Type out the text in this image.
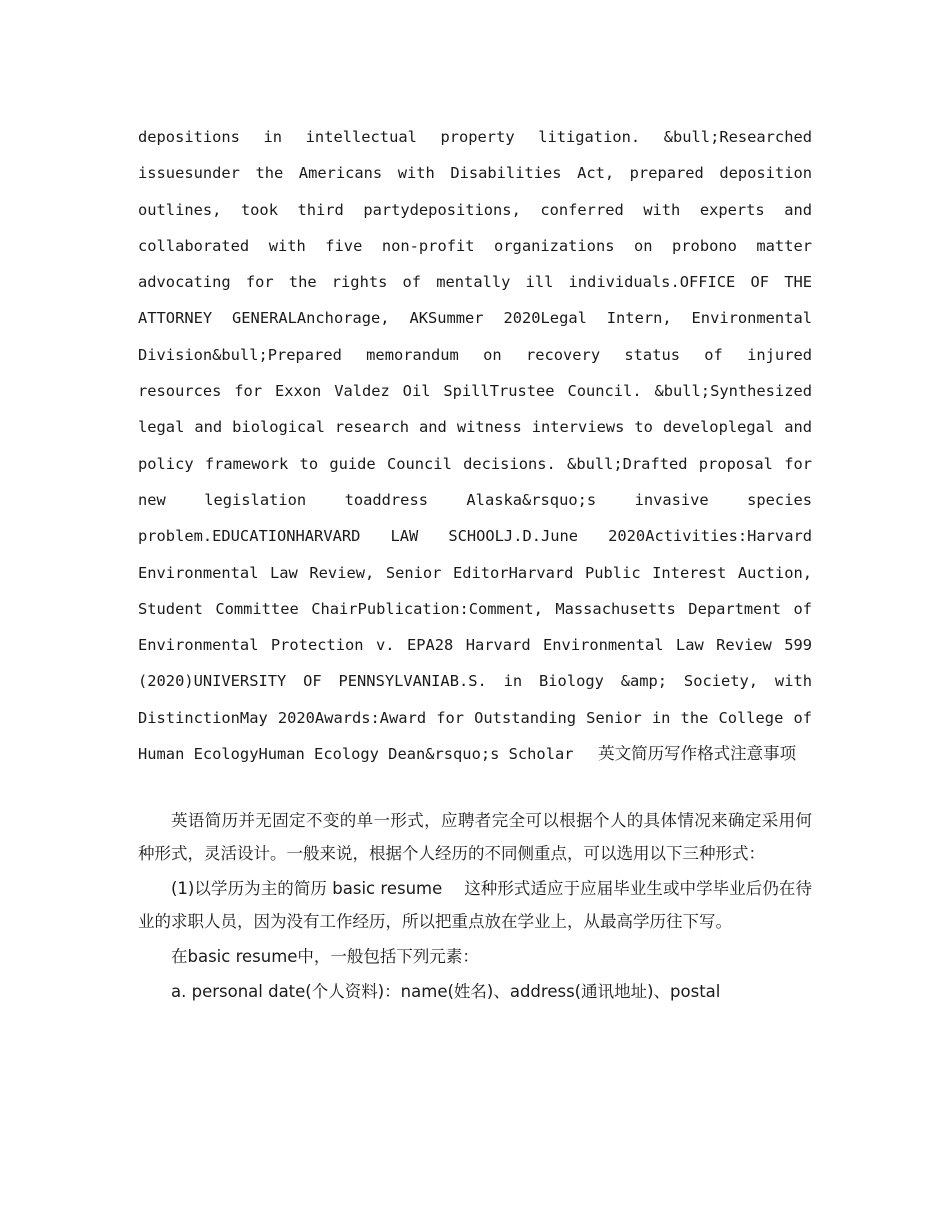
depositions in intellectual property litigation. &bull;Researched issuesunder the Americans with Disabilities Act, prepared deposition outlines, took third partydepositions, conferred with experts and collaborated with five non-profit organizations on probono matter advocating for the rights of mentally ill individuals.OFFICE OF THE ATTORNEY GENERALAnchorage, AKSummer 2020Legal Intern, Environmental Division&bull;Prepared memorandum on recovery status of injured resources for Exxon Valdez Oil SpillTrustee Council. &bull;Synthesized legal and biological research and witness interviews to developlegal and policy framework to guide Council decisions. &bull;Drafted proposal for new legislation toaddress Alaska&rsquo;s invasive species problem.EDUCATIONHARVARD LAW SCHOOLJ.D.June 2020Activities:Harvard Environmental Law Review, Senior EditorHarvard Public Interest Auction, Student Committee ChairPublication:Comment, Massachusetts Department of Environmental Protection v. EPA28 Harvard Environmental Law Review 599 (2020)UNIVERSITY OF PENNSYLVANIAB.S. in Biology &amp; Society, with DistinctionMay 2020Awards:Award for Outstanding Senior in the College of Human EcologyHuman Ecology Dean&rsquo;s Scholar　 英文简历写作格式注意事项

英语简历并无固定不变的单一形式，应聘者完全可以根据个人的具体情况来确定采用何种形式，灵活设计。一般来说，根据个人经历的不同侧重点，可以选用以下三种形式：

(1)以学历为主的简历 basic resume　 这种形式适应于应届毕业生或中学毕业后仍在待业的求职人员，因为没有工作经历，所以把重点放在学业上，从最高学历往下写。

在basic resume中，一般包括下列元素：

a. personal date(个人资料)：name(姓名)、address(通讯地址)、postal
